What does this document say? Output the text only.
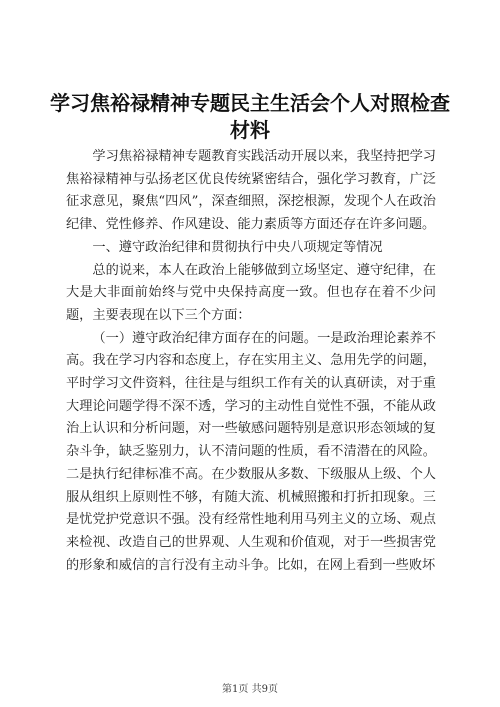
学习焦裕禄精神专题民主生活会个人对照检查
材料

学习焦裕禄精神专题教育实践活动开展以来，我坚持把学习焦裕禄精神与弘扬老区优良传统紧密结合，强化学习教育，广泛征求意见，聚焦“四风”，深查细照，深挖根源，发现个人在政治纪律、党性修养、作风建设、能力素质等方面还存在许多问题。

一、遵守政治纪律和贯彻执行中央八项规定等情况

总的说来，本人在政治上能够做到立场坚定、遵守纪律，在大是大非面前始终与党中央保持高度一致。但也存在着不少问题，主要表现在以下三个方面：

（一）遵守政治纪律方面存在的问题。一是政治理论素养不高。我在学习内容和态度上，存在实用主义、急用先学的问题，平时学习文件资料，往往是与组织工作有关的认真研读，对于重大理论问题学得不深不透，学习的主动性自觉性不强，不能从政治上认识和分析问题，对一些敏感问题特别是意识形态领域的复杂斗争，缺乏鉴别力，认不清问题的性质，看不清潜在的风险。二是执行纪律标准不高。在少数服从多数、下级服从上级、个人服从组织上原则性不够，有随大流、机械照搬和打折扣现象。三是忧党护党意识不强。没有经常性地利用马列主义的立场、观点来检视、改造自己的世界观、人生观和价值观，对于一些损害党的形象和威信的言行没有主动斗争。比如，在网上看到一些败坏

第1页 共9页
